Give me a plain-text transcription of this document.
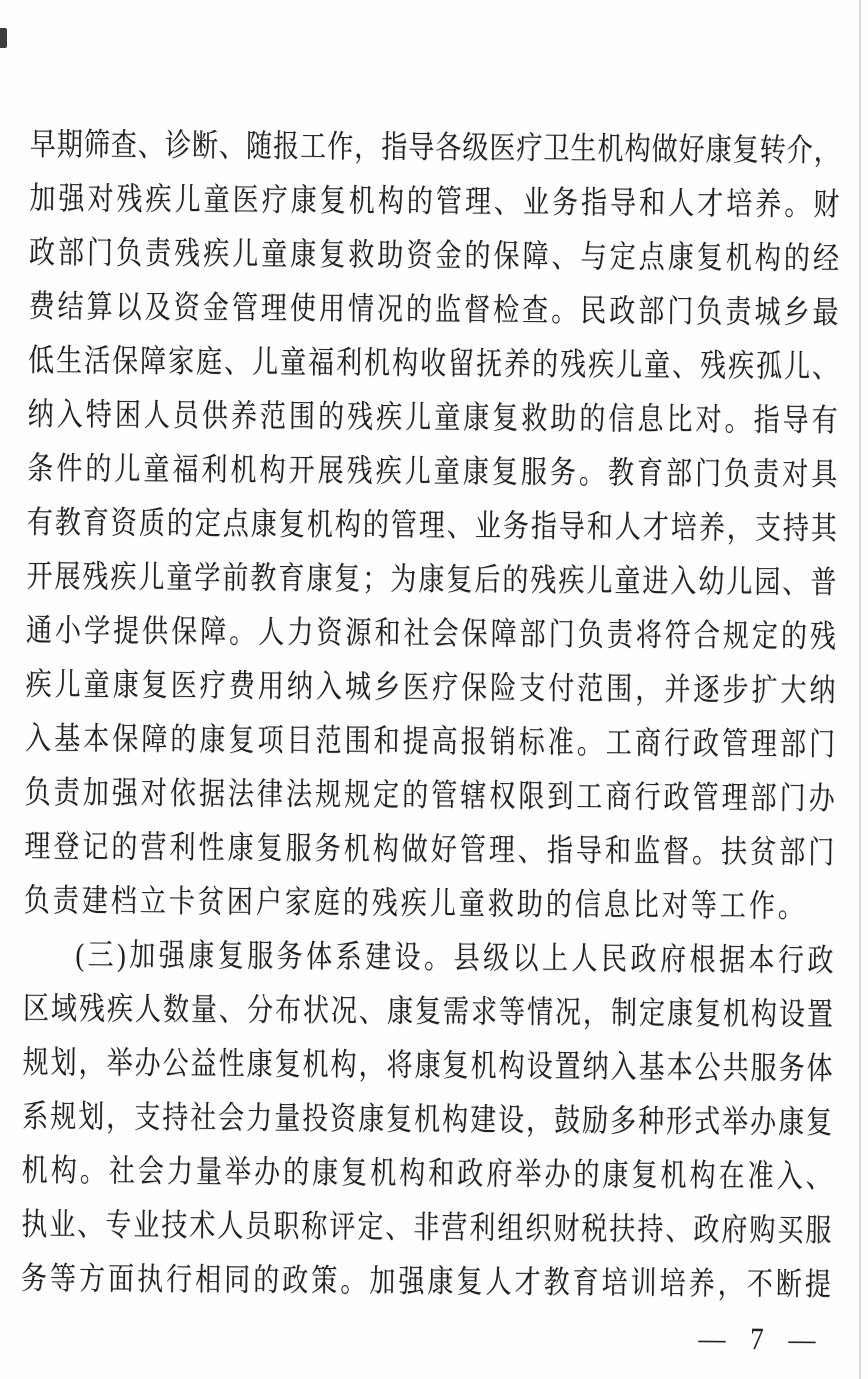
早期筛查、诊断、随报工作，指导各级医疗卫生机构做好康复转介，
加强对残疾儿童医疗康复机构的管理、业务指导和人才培养。财
政部门负责残疾儿童康复救助资金的保障、与定点康复机构的经
费结算以及资金管理使用情况的监督检查。民政部门负责城乡最
低生活保障家庭、儿童福利机构收留抚养的残疾儿童、残疾孤儿、
纳入特困人员供养范围的残疾儿童康复救助的信息比对。指导有
条件的儿童福利机构开展残疾儿童康复服务。教育部门负责对具
有教育资质的定点康复机构的管理、业务指导和人才培养，支持其
开展残疾儿童学前教育康复；为康复后的残疾儿童进入幼儿园、普
通小学提供保障。人力资源和社会保障部门负责将符合规定的残
疾儿童康复医疗费用纳入城乡医疗保险支付范围，并逐步扩大纳
入基本保障的康复项目范围和提高报销标准。工商行政管理部门
负责加强对依据法律法规规定的管辖权限到工商行政管理部门办
理登记的营利性康复服务机构做好管理、指导和监督。扶贫部门
负责建档立卡贫困户家庭的残疾儿童救助的信息比对等工作。
(三)加强康复服务体系建设。县级以上人民政府根据本行政
区域残疾人数量、分布状况、康复需求等情况，制定康复机构设置
规划，举办公益性康复机构，将康复机构设置纳入基本公共服务体
系规划，支持社会力量投资康复机构建设，鼓励多种形式举办康复
机构。社会力量举办的康复机构和政府举办的康复机构在准入、
执业、专业技术人员职称评定、非营利组织财税扶持、政府购买服
务等方面执行相同的政策。加强康复人才教育培训培养，不断提
— 7 —
